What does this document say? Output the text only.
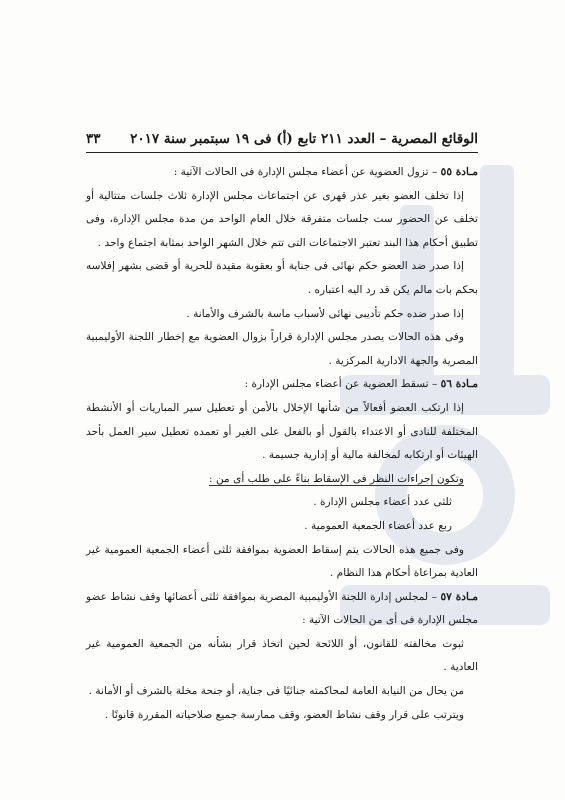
الوقائع المصرية – العدد ٢١١ تابع (أ) فى ١٩ سبتمبر سنة ٢٠١٧
٣٣

مـادة ٥٥ – تزول العضوية عن أعضاء مجلس الإدارة فى الحالات الآتية :

إذا تخلف العضو بغير عذر قهرى عن اجتماعات مجلس الإدارة ثلاث جلسات متتالية أو تخلف عن الحضور ست جلسات متفرقة خلال العام الواحد من مدة مجلس الإدارة، وفى تطبيق أحكام هذا البند تعتبر الاجتماعات التى تتم خلال الشهر الواحد بمثابة اجتماع واحد .

إذا صدر ضد العضو حكم نهائى فى جناية أو بعقوبة مقيدة للحرية أو قضى بشهر إفلاسه بحكم بات مالم يكن قد رد اليه اعتباره .

إذا صدر ضده حكم تأديبى نهائى لأسباب ماسة بالشرف والأمانة .

وفى هذه الحالات يصدر مجلس الإدارة قراراً بزوال العضوية مع إخطار اللجنة الأوليمبية المصرية والجهة الادارية المركزية .

مـادة ٥٦ – تسقط العضوية عن أعضاء مجلس الإدارة :

إذا ارتكب العضو أفعالاً من شأنها الإخلال بالأمن أو تعطيل سير المباريات أو الأنشطة المختلفة للنادى أو الاعتداء بالقول أو بالفعل على الغير أو تعمده تعطيل سير العمل بأحد الهيئات أو ارتكابه لمخالفة مالية أو إدارية جسيمة .

وتكون إجراءات النظر فى الإسقاط بناءً على طلب أى من :

ثلثى عدد أعضاء مجلس الإدارة .

ربع عدد أعضاء الجمعية العمومية .

وفى جميع هذه الحالات يتم إسقاط العضوية بموافقة ثلثى أعضاء الجمعية العمومية غير العادية بمراعاة أحكام هذا النظام .

مـادة ٥٧ – لمجلس إدارة اللجنة الأوليمبية المصرية بموافقة ثلثى أعضائها وقف نشاط عضو مجلس الإدارة فى أى من الحالات الآتية :

ثبوت مخالفته للقانون، أو اللائحة لحين اتخاذ قرار بشأنه من الجمعية العمومية غير العادية .

من يحال من النيابة العامة لمحاكمته جنائيًا فى جناية، أو جنحة مخلة بالشرف أو الأمانة .

ويترتب على قرار وقف نشاط العضو، وقف ممارسة جميع صلاحياته المقررة قانونًا .
